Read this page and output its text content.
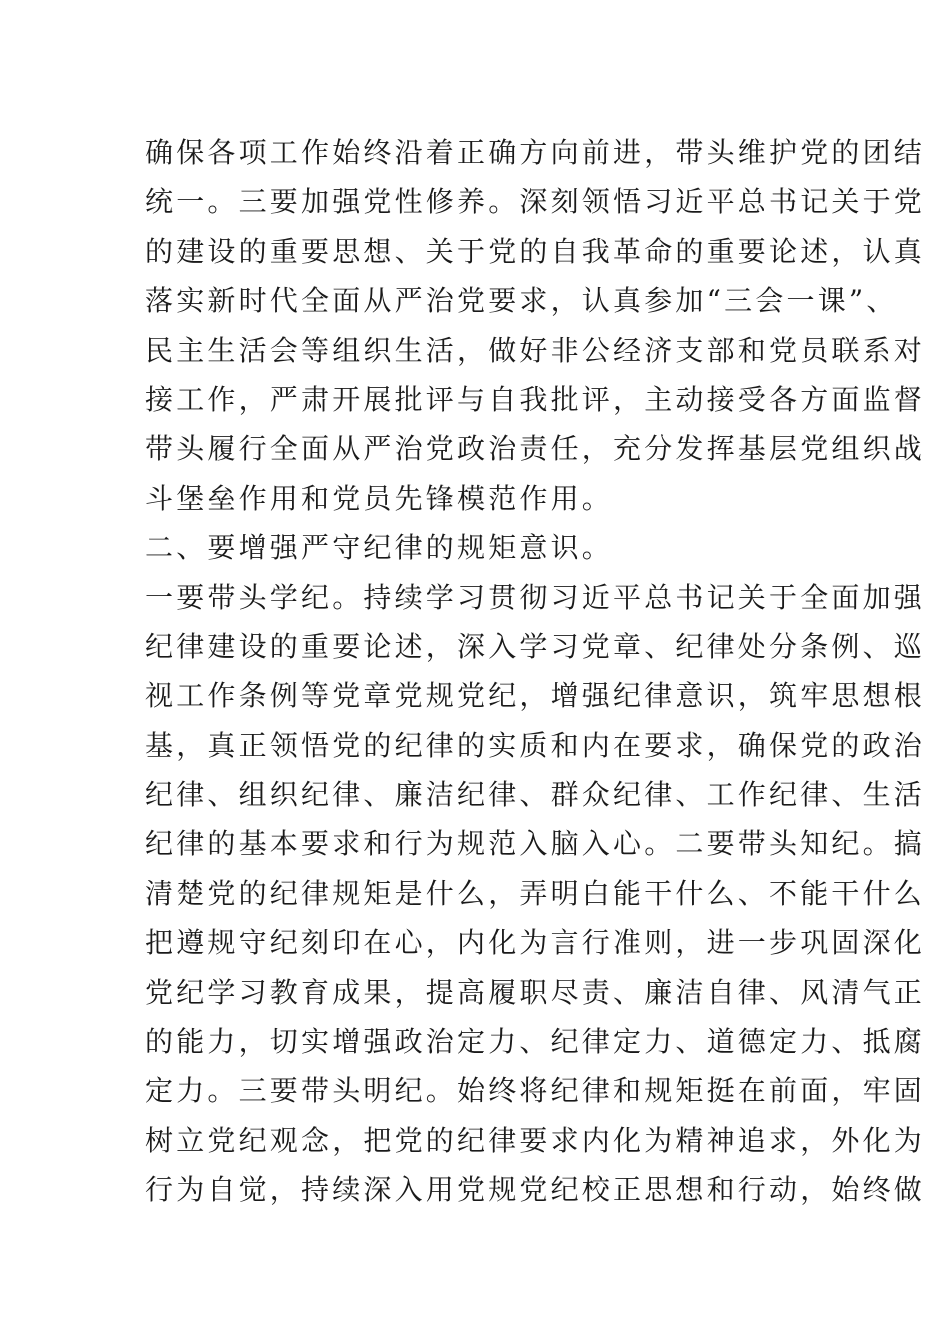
确保各项工作始终沿着正确方向前进，带头维护党的团结
统一。三要加强党性修养。深刻领悟习近平总书记关于党
的建设的重要思想、关于党的自我革命的重要论述，认真
落实新时代全面从严治党要求，认真参加“三会一课”、
民主生活会等组织生活，做好非公经济支部和党员联系对
接工作，严肃开展批评与自我批评，主动接受各方面监督
带头履行全面从严治党政治责任，充分发挥基层党组织战
斗堡垒作用和党员先锋模范作用。
二、要增强严守纪律的规矩意识。
一要带头学纪。持续学习贯彻习近平总书记关于全面加强
纪律建设的重要论述，深入学习党章、纪律处分条例、巡
视工作条例等党章党规党纪，增强纪律意识，筑牢思想根
基，真正领悟党的纪律的实质和内在要求，确保党的政治
纪律、组织纪律、廉洁纪律、群众纪律、工作纪律、生活
纪律的基本要求和行为规范入脑入心。二要带头知纪。搞
清楚党的纪律规矩是什么，弄明白能干什么、不能干什么
把遵规守纪刻印在心，内化为言行准则，进一步巩固深化
党纪学习教育成果，提高履职尽责、廉洁自律、风清气正
的能力，切实增强政治定力、纪律定力、道德定力、抵腐
定力。三要带头明纪。始终将纪律和规矩挺在前面，牢固
树立党纪观念，把党的纪律要求内化为精神追求，外化为
行为自觉，持续深入用党规党纪校正思想和行动，始终做
